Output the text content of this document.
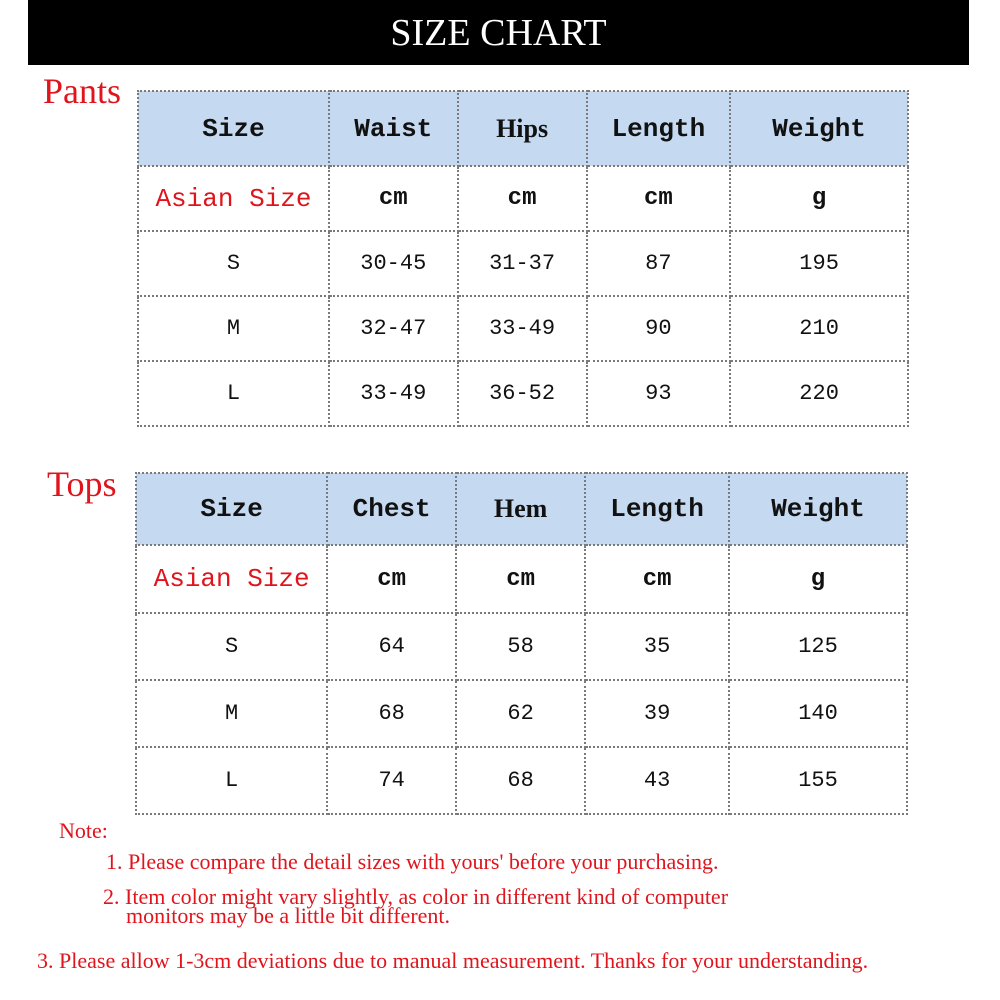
SIZE CHART
Pants
Size	Waist	Hips	Length	Weight
Asian Size	cm	cm	cm	g
S	30-45	31-37	87	195
M	32-47	33-49	90	210
L	33-49	36-52	93	220
Tops
Size	Chest	Hem	Length	Weight
Asian Size	cm	cm	cm	g
S	64	58	35	125
M	68	62	39	140
L	74	68	43	155
Note:
1. Please compare the detail sizes with yours' before your purchasing.
2. Item color might vary slightly, as color in different kind of computer
monitors may be a little bit different.
3. Please allow 1-3cm deviations due to manual measurement. Thanks for your understanding.
